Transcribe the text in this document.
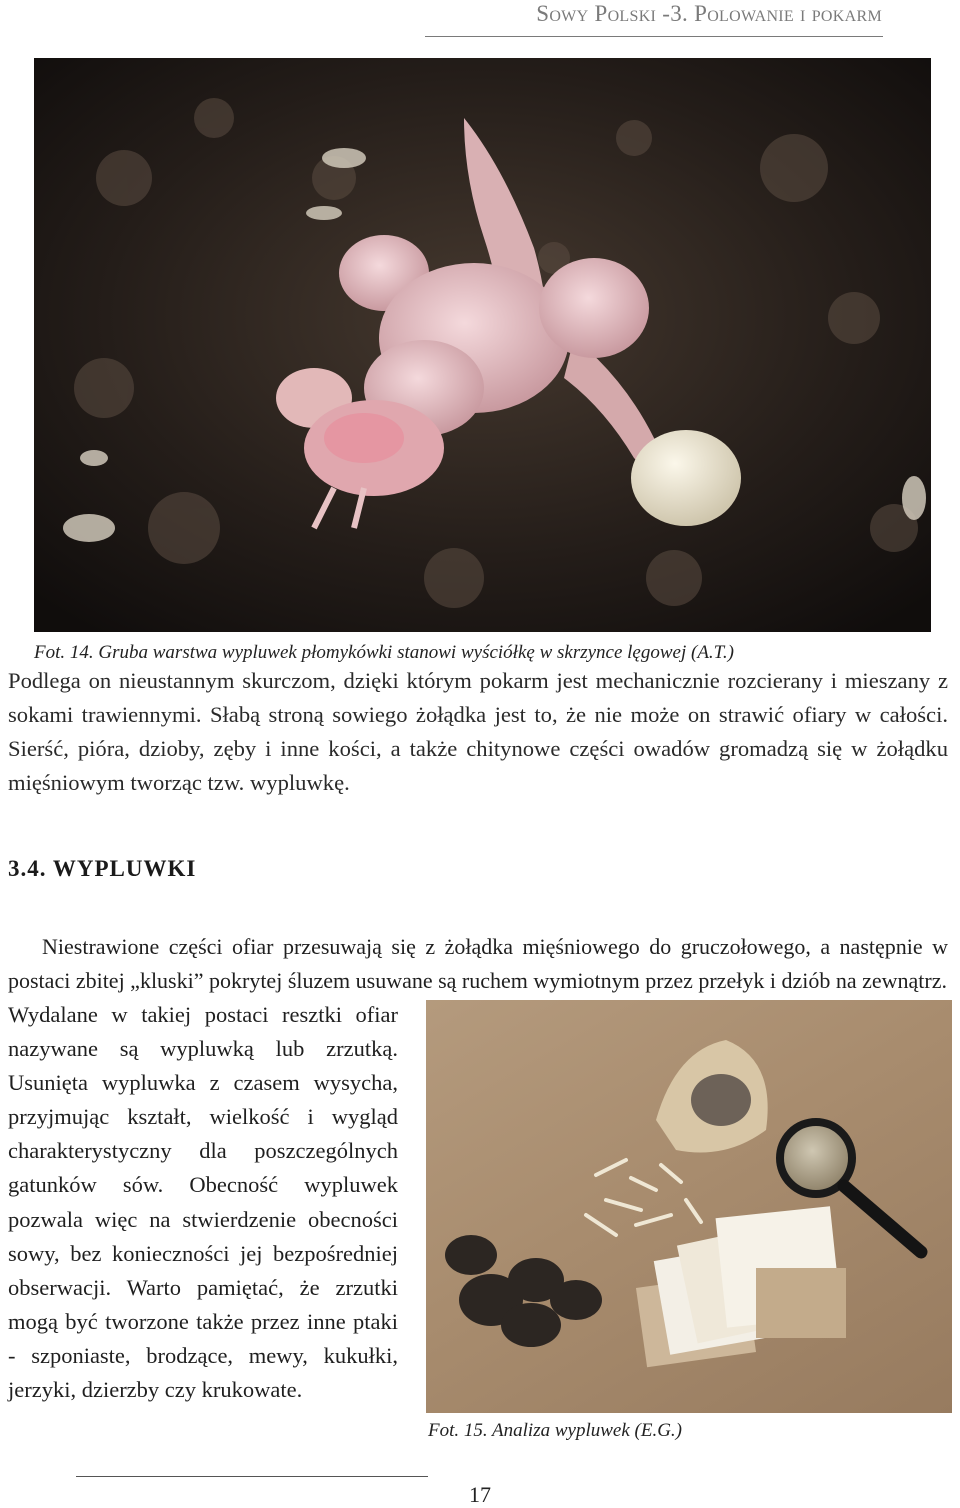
Sowy Polski -3. Polowanie i pokarm
Fot. 14. Gruba warstwa wypluwek płomykówki stanowi wyściółkę w skrzynce lęgowej (A.T.)

Podlega on nieustannym skurczom, dzięki którym pokarm jest mechanicznie rozcierany i mieszany z sokami trawiennymi. Słabą stroną sowiego żołądka jest to, że nie może on strawić ofiary w całości. Sierść, pióra, dzioby, zęby i inne kości, a także chitynowe części owadów gromadzą się w żołądku mięśniowym tworząc tzw. wypluwkę.

3.4. WYPLUWKI

Niestrawione części ofiar przesuwają się z żołądka mięśniowego do gruczołowego, a następnie w postaci zbitej „kluski” pokrytej śluzem usuwane są ruchem wymiotnym przez przełyk i dziób na zewnątrz.

Wydalane w takiej postaci resztki ofiar nazywane są wypluwką lub zrzutką. Usunięta wypluwka z czasem wysycha, przyjmując kształt, wielkość i wygląd charakterystyczny dla poszczególnych gatunków sów. Obecność wypluwek pozwala więc na stwierdzenie obecności sowy, bez konieczności jej bezpośredniej obserwacji. Warto pamiętać, że zrzutki mogą być tworzone także przez inne ptaki - szponiaste, brodzące, mewy, kukułki, jerzyki, dzierzby czy krukowate.

Fot. 15. Analiza wypluwek (E.G.)
17
